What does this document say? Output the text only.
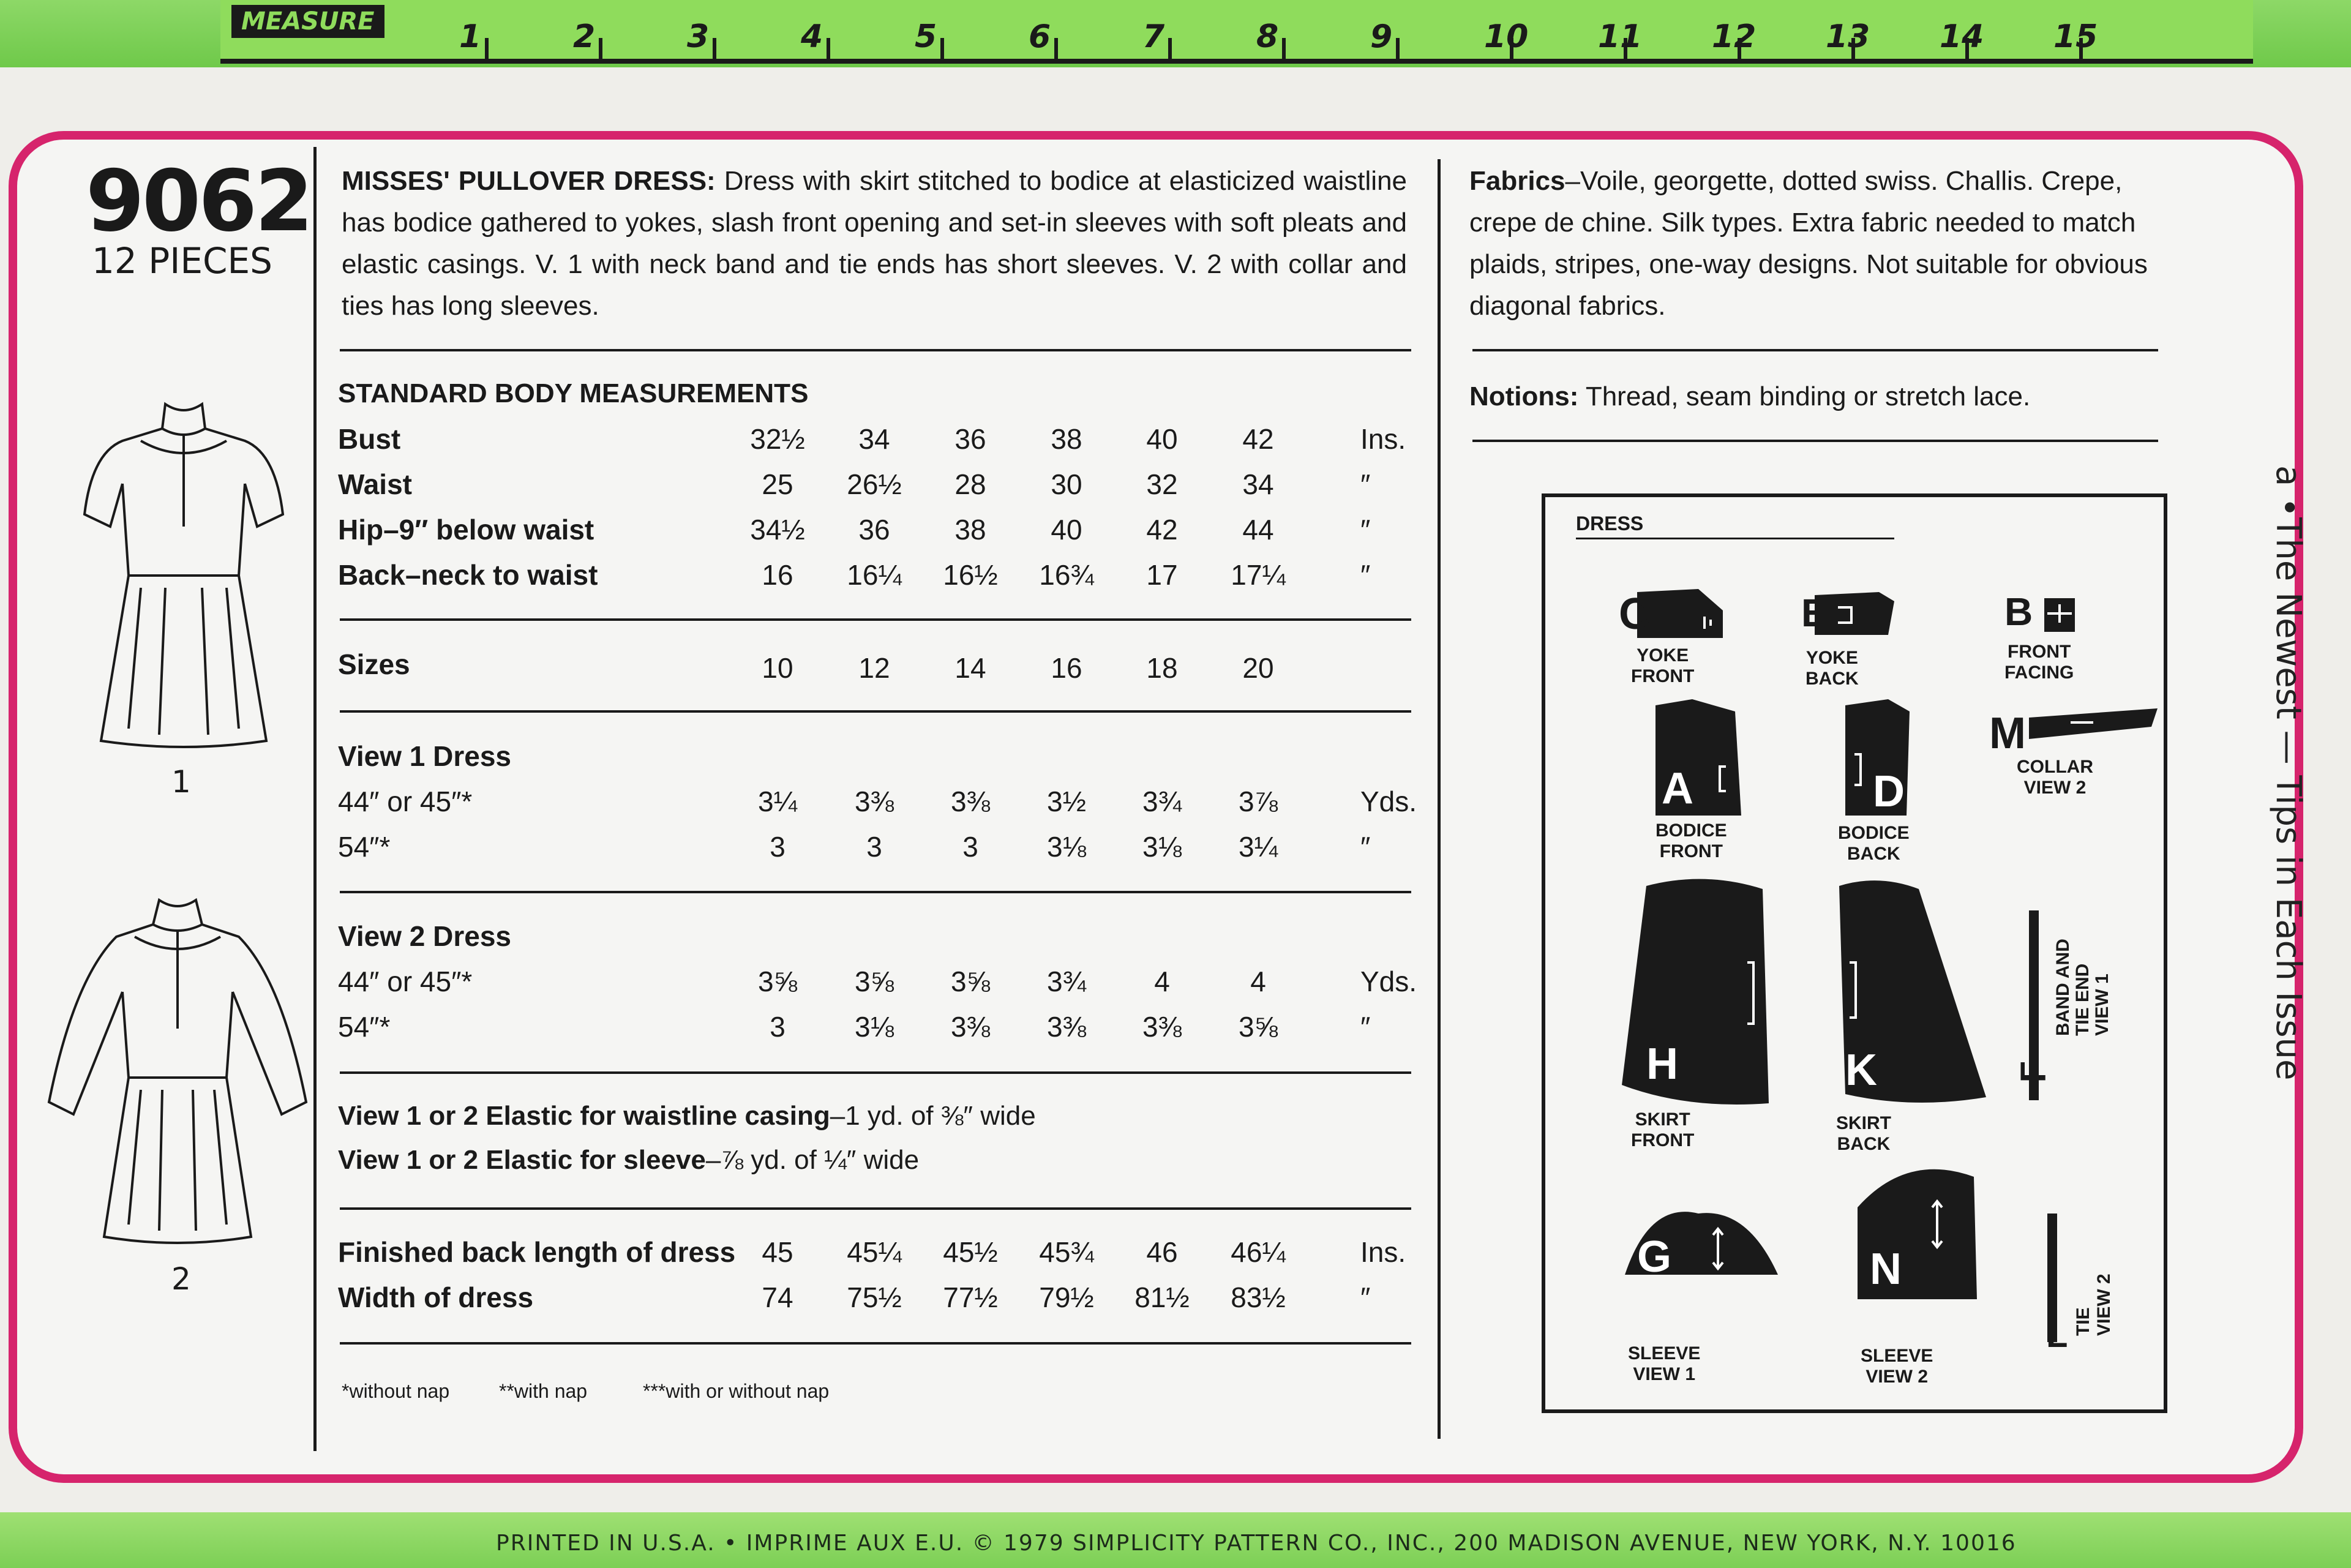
MEASURE	1	2	3	4	5	6	7	8	9	10 11 12 13 14 15
9062
12 PIECES
1
2
MISSES' PULLOVER DRESS: Dress with skirt stitched to bodice at elasticized waistline has bodice gathered to yokes, slash front opening and set-in sleeves with soft pleats and elastic casings. V. 1 with neck band and tie ends has short sleeves. V. 2 with collar and ties has long sleeves.
STANDARD BODY MEASUREMENTS
Bust	32½	34	36	38	40	42	Ins.
Waist	25	26½	28	30	32	34	″
Hip–9″ below waist	34½	36	38	40	42	44	″
Back–neck to waist	16	16¼	16½	16¾	17	17¼	″
Sizes	10	12	14	16	18	20
View 1 Dress
44″ or 45″*	3¼	3⅜	3⅜	3½	3¾	3⅞	Yds.
54″*	3	3	3	3⅛	3⅛	3¼	″
View 2 Dress
44″ or 45″*	3⅝	3⅝	3⅝	3¾	4	4	Yds.
54″*	3	3⅛	3⅜	3⅜	3⅜	3⅝	″
View 1 or 2 Elastic for waistline casing–1 yd. of ⅜″ wide
View 1 or 2 Elastic for sleeve–⅞ yd. of ¼″ wide
Finished back length of dress 45	45¼	45½	45¾	46	46¼	Ins.
Width of dress	74	75½	77½	79½	81½	83½	″
*without nap	**with nap	***with or without nap
Fabrics–Voile, georgette, dotted swiss. Challis. Crepe, crepe de chine. Silk types. Extra fabric needed to match plaids, stripes, one-way designs. Not suitable for obvious diagonal fabrics.
Notions: Thread, seam binding or stretch lace.
DRESS
C
YOKE
FRONT
E
YOKE
BACK
B
FRONT
FACING
M
COLLAR
VIEW 2
A
BODICE
FRONT
D
BODICE
BACK
H
SKIRT
FRONT
K
SKIRT
BACK
F
BAND AND
TIE END
VIEW 1
G
SLEEVE
VIEW 1
N
SLEEVE
VIEW 2
L TIE
VIEW 2
PRINTED IN U.S.A. • IMPRIME AUX E.U. © 1979 SIMPLICITY PATTERN CO., INC., 200 MADISON AVENUE, NEW YORK, N.Y. 10016
a •The Newest — Tips in Each Issue
